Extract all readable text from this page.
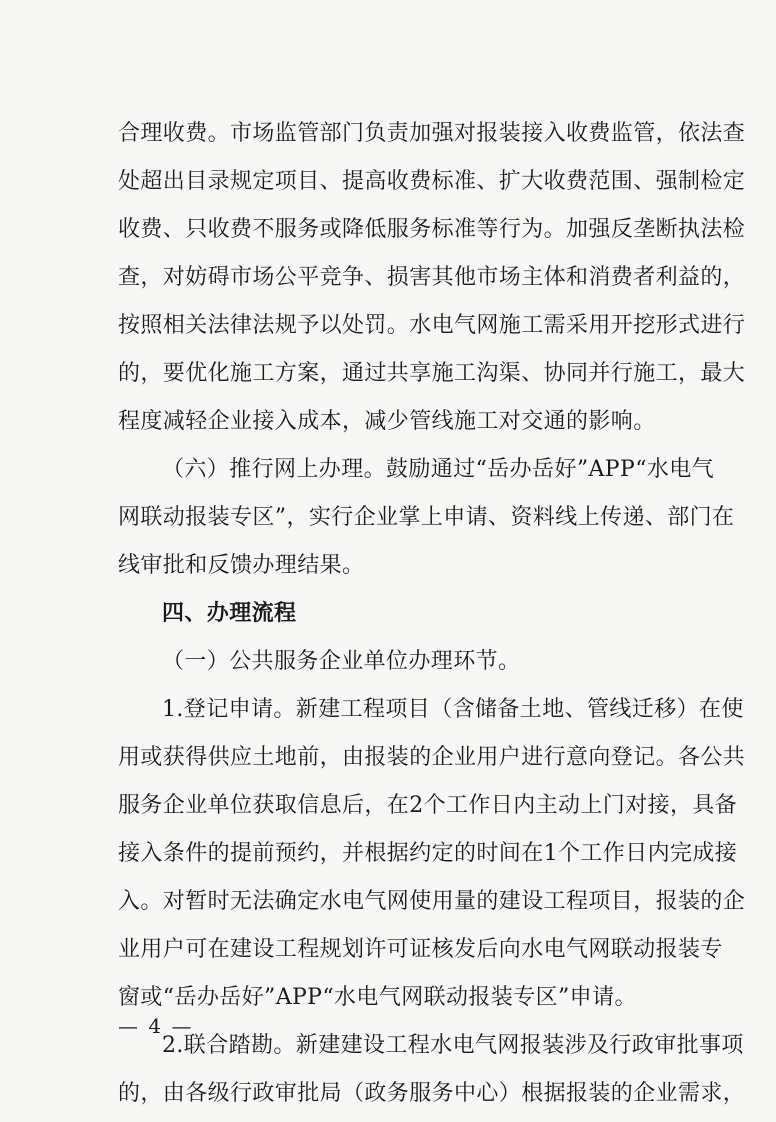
合理收费。市场监管部门负责加强对报装接入收费监管，依法查
处超出目录规定项目、提高收费标准、扩大收费范围、强制检定
收费、只收费不服务或降低服务标准等行为。加强反垄断执法检
查，对妨碍市场公平竞争、损害其他市场主体和消费者利益的，
按照相关法律法规予以处罚。水电气网施工需采用开挖形式进行
的，要优化施工方案，通过共享施工沟渠、协同并行施工，最大
程度减轻企业接入成本，减少管线施工对交通的影响。
（六）推行网上办理。鼓励通过“岳办岳好”APP“水电气
网联动报装专区”，实行企业掌上申请、资料线上传递、部门在
线审批和反馈办理结果。
四、办理流程
（一）公共服务企业单位办理环节。
1.登记申请。新建工程项目（含储备土地、管线迁移）在使
用或获得供应土地前，由报装的企业用户进行意向登记。各公共
服务企业单位获取信息后，在2个工作日内主动上门对接，具备
接入条件的提前预约，并根据约定的时间在1个工作日内完成接
入。对暂时无法确定水电气网使用量的建设工程项目，报装的企
业用户可在建设工程规划许可证核发后向水电气网联动报装专
窗或“岳办岳好”APP“水电气网联动报装专区”申请。
2.联合踏勘。新建建设工程水电气网报装涉及行政审批事项
的，由各级行政审批局（政务服务中心）根据报装的企业需求，
— 4 —
